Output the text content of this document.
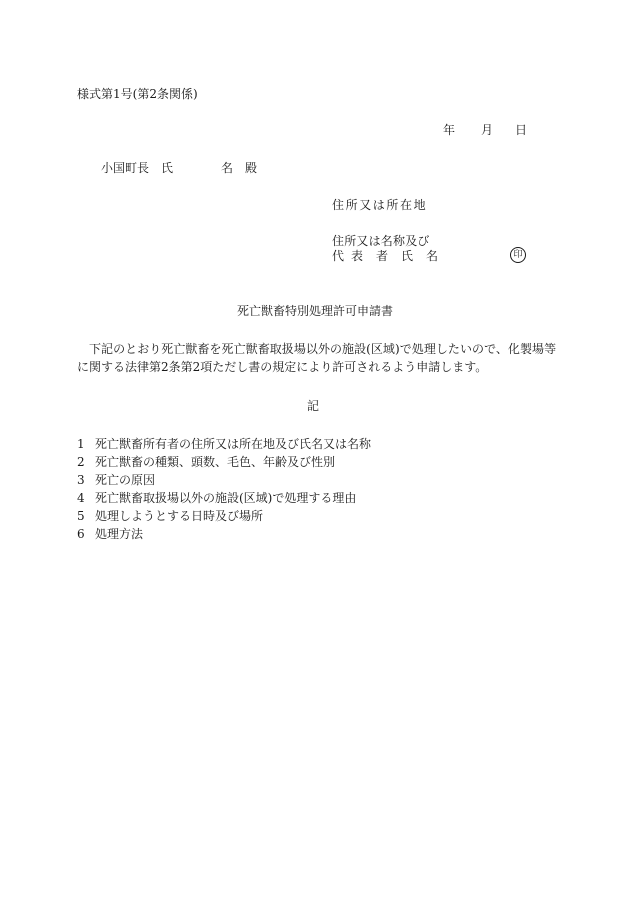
様式第1号(第2条関係)
年 月 日
小国町長 氏	名 殿
住所又は所在地
住所又は名称及び
代 表 者 氏 名	印
死亡獣畜特別処理許可申請書
下記のとおり死亡獣畜を死亡獣畜取扱場以外の施設(区域)で処理したいので、化製場等
に関する法律第2条第2項ただし書の規定により許可されるよう申請します。
記
1 死亡獣畜所有者の住所又は所在地及び氏名又は名称
2 死亡獣畜の種類、頭数、毛色、年齢及び性別
3 死亡の原因
4 死亡獣畜取扱場以外の施設(区域)で処理する理由
5 処理しようとする日時及び場所
6 処理方法
